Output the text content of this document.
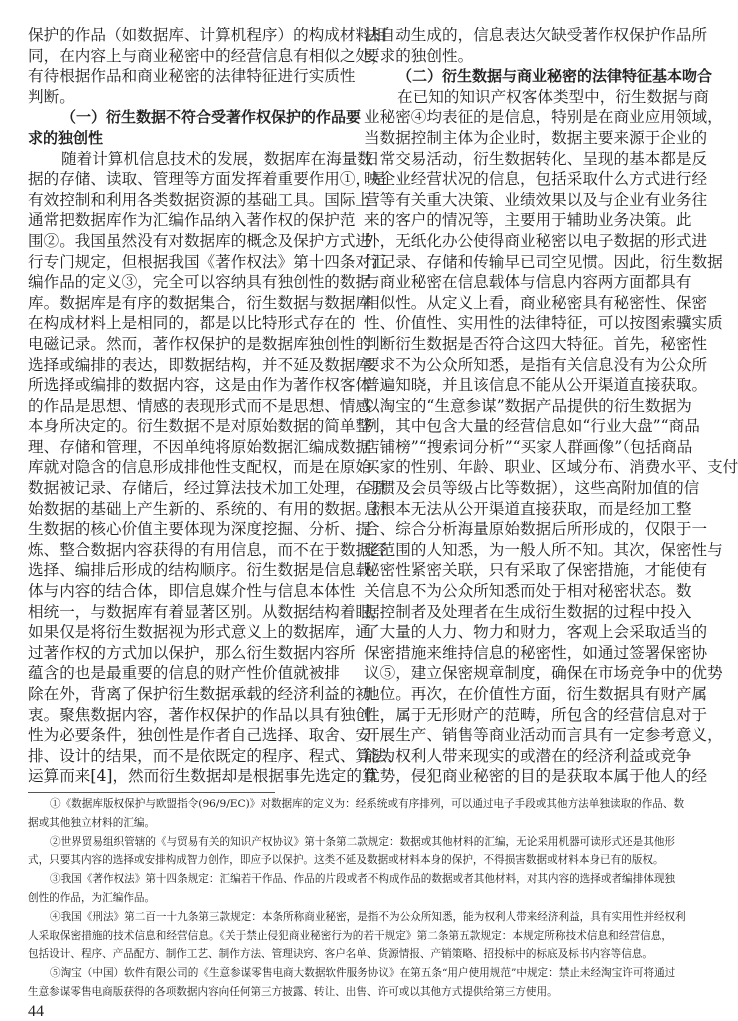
保护的作品（如数据库、计算机程序）的构成材料相
同，在内容上与商业秘密中的经营信息有相似之处，
有待根据作品和商业秘密的法律特征进行实质性
判断。
（一）衍生数据不符合受著作权保护的作品要
求的独创性
随着计算机信息技术的发展，数据库在海量数
据的存储、读取、管理等方面发挥着重要作用①，是
有效控制和利用各类数据资源的基础工具。国际上
通常把数据库作为汇编作品纳入著作权的保护范
围②。我国虽然没有对数据库的概念及保护方式进
行专门规定，但根据我国《著作权法》第十四条对汇
编作品的定义③，完全可以容纳具有独创性的数据
库。数据库是有序的数据集合，衍生数据与数据库
在构成材料上是相同的，都是以比特形式存在的
电磁记录。然而，著作权保护的是数据库独创性的
选择或编排的表达，即数据结构，并不延及数据库
所选择或编排的数据内容，这是由作为著作权客体
的作品是思想、情感的表现形式而不是思想、情感
本身所决定的。衍生数据不是对原始数据的简单整
理、存储和管理，不因单纯将原始数据汇编成数据
库就对隐含的信息形成排他性支配权，而是在原始
数据被记录、存储后，经过算法技术加工处理，在原
始数据的基础上产生新的、系统的、有用的数据。衍
生数据的核心价值主要体现为深度挖掘、分析、提
炼、整合数据内容获得的有用信息，而不在于数据经
选择、编排后形成的结构顺序。衍生数据是信息载
体与内容的结合体，即信息媒介性与信息本体性
相统一，与数据库有着显著区别。从数据结构着眼，
如果仅是将衍生数据视为形式意义上的数据库，通
过著作权的方式加以保护，那么衍生数据内容所
蕴含的也是最重要的信息的财产性价值就被排
除在外，背离了保护衍生数据承载的经济利益的初
衷。聚焦数据内容，著作权保护的作品以具有独创
性为必要条件，独创性是作者自己选择、取舍、安
排、设计的结果，而不是依既定的程序、程式、算法、
运算而来[4]，然而衍生数据却是根据事先选定的算
法自动生成的，信息表达欠缺受著作权保护作品所
要求的独创性。
（二）衍生数据与商业秘密的法律特征基本吻合
在已知的知识产权客体类型中，衍生数据与商
业秘密④均表征的是信息，特别是在商业应用领域，
当数据控制主体为企业时，数据主要来源于企业的
日常交易活动，衍生数据转化、呈现的基本都是反
映企业经营状况的信息，包括采取什么方式进行经
营等有关重大决策、业绩效果以及与企业有业务往
来的客户的情况等，主要用于辅助业务决策。此
外，无纸化办公使得商业秘密以电子数据的形式进
行记录、存储和传输早已司空见惯。因此，衍生数据
与商业秘密在信息载体与信息内容两方面都具有
相似性。从定义上看，商业秘密具有秘密性、保密
性、价值性、实用性的法律特征，可以按图索骥实质
判断衍生数据是否符合这四大特征。首先，秘密性
要求不为公众所知悉，是指有关信息没有为公众所
普遍知晓，并且该信息不能从公开渠道直接获取。
以淘宝的“生意参谋”数据产品提供的衍生数据为
例，其中包含大量的经营信息如“行业大盘”“商品
店铺榜”“搜索词分析”“买家人群画像”（包括商品
买家的性别、年龄、职业、区域分布、消费水平、支付
习惯及会员等级占比等数据），这些高附加值的信
息根本无法从公开渠道直接获取，而是经加工整
合、综合分析海量原始数据后所形成的，仅限于一
定范围的人知悉，为一般人所不知。其次，保密性与
秘密性紧密关联，只有采取了保密措施，才能使有
关信息不为公众所知悉而处于相对秘密状态。数
据控制者及处理者在生成衍生数据的过程中投入
了大量的人力、物力和财力，客观上会采取适当的
保密措施来维持信息的秘密性，如通过签署保密协
议⑤，建立保密规章制度，确保在市场竞争中的优势
地位。再次，在价值性方面，衍生数据具有财产属
性，属于无形财产的范畴，所包含的经营信息对于
开展生产、销售等商业活动而言具有一定参考意义，
能为权利人带来现实的或潜在的经济利益或竞争
优势，侵犯商业秘密的目的是获取本属于他人的经
①《数据库版权保护与欧盟指令(96/9/EC)》对数据库的定义为：经系统或有序排列，可以通过电子手段或其他方法单独读取的作品、数
据或其他独立材料的汇编。
②世界贸易组织管辖的《与贸易有关的知识产权协议》第十条第二款规定：数据或其他材料的汇编，无论采用机器可读形式还是其他形
式，只要其内容的选择或安排构成智力创作，即应予以保护。这类不延及数据或材料本身的保护，不得损害数据或材料本身已有的版权。
③我国《著作权法》第十四条规定：汇编若干作品、作品的片段或者不构成作品的数据或者其他材料，对其内容的选择或者编排体现独
创性的作品，为汇编作品。
④我国《刑法》第二百一十九条第三款规定：本条所称商业秘密，是指不为公众所知悉，能为权利人带来经济利益，具有实用性并经权利
人采取保密措施的技术信息和经营信息。《关于禁止侵犯商业秘密行为的若干规定》第二条第五款规定：本规定所称技术信息和经营信息，
包括设计、程序、产品配方、制作工艺、制作方法、管理诀窍、客户名单、货源情报、产销策略、招投标中的标底及标书内容等信息。
⑤淘宝（中国）软件有限公司的《生意参谋零售电商大数据软件服务协议》在第五条“用户使用规范”中规定：禁止未经淘宝许可将通过
生意参谋零售电商版获得的各项数据内容向任何第三方披露、转让、出售、许可或以其他方式提供给第三方使用。
44
